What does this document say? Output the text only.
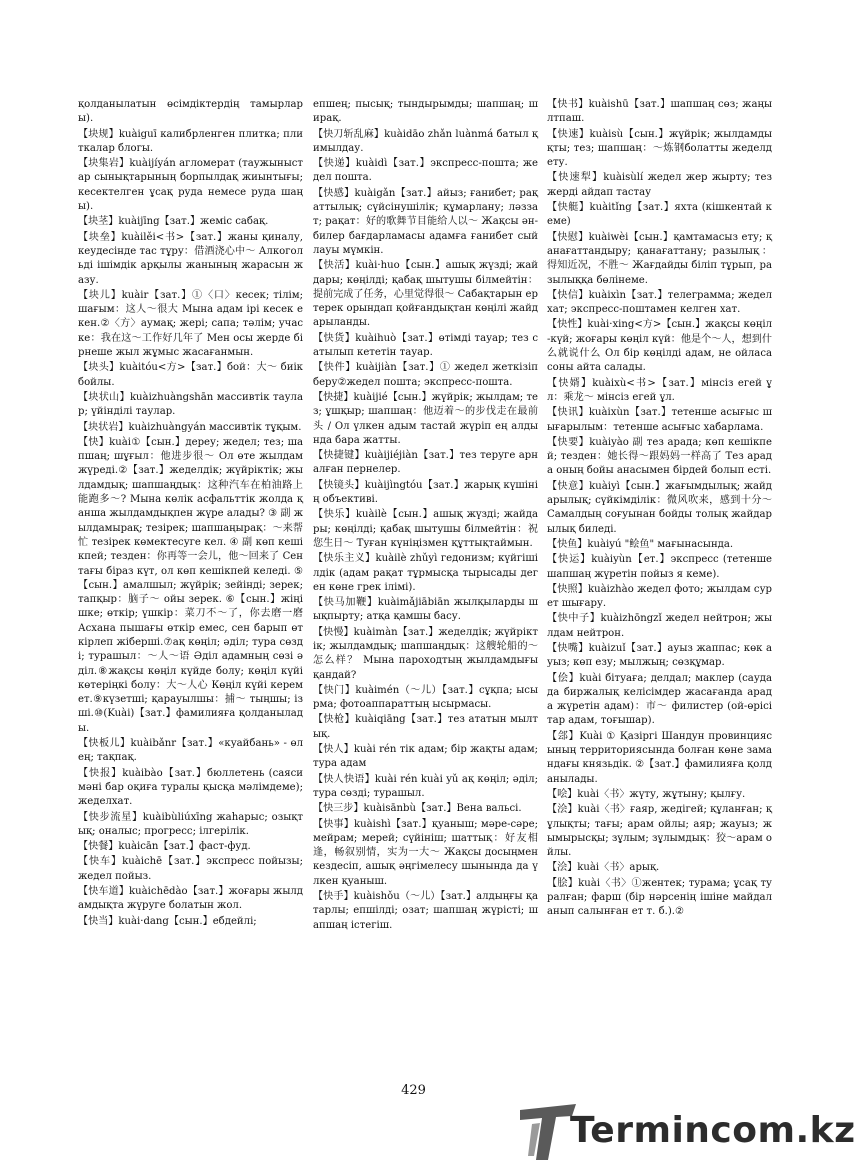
қолданылатын өсімдіктердің тамырлары).

【块规】kuàiguī калибрленген плитка; плиткалар блогы.

【块集岩】kuàijíyán агломерат (таужыныстар сынықтарының борпылдақ жиынтығы; кесектелген ұсақ руда немесе руда шаңы).

【块茎】kuàijīng【зат.】жеміс сабақ.

【块垒】kuàilěi<书>【зат.】жаны қиналу, кеудесінде тас тұру：借酒浇心中～ Алкогольді ішімдік арқылы жанының жарасын жазу.

【块儿】kuàir【зат.】①〈口〉кесек; тілім; шағым：这人～很大 Мына адам ірі кесек екен.②〈方〉аумақ; жері; сапа; тәлім; учаске：我在这～工作好几年了 Мен осы жерде бірнеше жыл жұмыс жасағанмын.

【块头】kuàitóu<方>【зат.】бой：大～ биік бойлы.

【块状山】kuàizhuàngshān массивтік таулар; үйінділі таулар.

【块状岩】kuàizhuàngyán массивтік тұқым.

【快】kuài①【сын.】дереу; жедел; тез; шапшаң; шұғыл：他进步很～ Ол өте жылдам жүреді.②【зат.】жеделдік; жүйріктік; жылдамдық; шапшаңдық：这种汽车在柏油路上能跑多～? Мына көлік асфальттік жолда қанша жылдамдықпен жүре алады? ③ 副 жылдамырақ; тезірек; шапшаңырақ：～来帮忙 тезірек көмектесуге кел. ④ 副 көп кешікпей; тезден：你再等一会儿，他～回来了 Сен тағы біраз күт, ол көп кешікпей келеді. ⑤【сын.】амалшыл; жүйрік; зейінді; зерек; тапқыр：脑子～ ойы зерек. ⑥【сын.】жіңішке; өткір; үшкір：菜刀不～了，你去磨一磨 Асхана пышағы өткір емес, сен барып өткірлеп жіберші.⑦ақ көңіл; әділ; тура сөзді; турашыл：～人～语 Әділ адамның сөзі әділ.⑧жақсы көңіл күйде болу; көңіл күйі көтеріңкі болу：大～人心 Көңіл күйі керемет.⑨күзетші; қарауылшы：捕～ тыңшы; ізші.⑩(Kuài)【зат.】фамилияға қолданылады.

【快板儿】kuàibǎnr【зат.】«куайбань» - өлең; тақпақ.

【快报】kuàibào【зат.】бюллетень (саяси мәні бар оқиға туралы қысқа мәлімдеме); жеделхат.

【快步流星】kuàibùliúxīng жаһарыс; озықтық; оналыс; прогресс; ілгерілік.

【快餐】kuàicān【зат.】фаст-фуд.

【快车】kuàichē【зат.】экспресс пойызы; жедел пойыз.

【快车道】kuàichēdào【зат.】жоғары жылдамдықта жүруге болатын жол.

【快当】kuài·dang【сын.】ебдейлі;

епшең; пысық; тындырымды; шапшаң; ширақ.

【快刀斩乱麻】kuàidāo zhǎn luànmá батыл қимылдау.

【快递】kuàidì【зат.】экспресс-пошта; жедел пошта.

【快感】kuàigǎn【зат.】айыз; ғанибет; рақаттылық; сүйсінушілік; құмарлану; ләззат; рақат：好的歌舞节目能给人以～ Жақсы ән-билер бағдарламасы адамға ғанибет сыйлауы мүмкін.

【快活】kuài·huo【сын.】ашық жүзді; жайдары; көңілді; қабақ шытушы білмейтін：提前完成了任务，心里觉得很～ Сабақтарын ертерек орындап қойғандықтан көңілі жайдарыланды.

【快货】kuàihuò【зат.】өтімді тауар; тез сатылып кететін тауар.

【快件】kuàijiàn【зат.】① жедел жеткізіп беру②жедел пошта; экспресс-пошта.

【快捷】kuàijié【сын.】жүйрік; жылдам; тез; ұшқыр; шапшаң：他迈着～的步伐走在最前头 / Ол үлкен адым тастай жүріп ең алдында бара жатты.

【快捷键】kuàijiéjiàn【зат.】тез теруге арналған пернелер.

【快镜头】kuàijìngtóu【зат.】жарық күшінің объективі.

【快乐】kuàilè【сын.】ашық жүзді; жайдары; көңілді; қабақ шытушы білмейтін：祝您生日～ Туған күніңізмен құттықтаймын.

【快乐主义】kuàilè zhǔyì гедонизм; күйгішілдік (адам рақат тұрмысқа тырысады деген көне грек ілімі).

【快马加鞭】kuàimǎjiābiān жылқыларды шықпырту; атқа қамшы басу.

【快慢】kuàimàn【зат.】жеделдік; жүйріктік; жылдамдық; шапшаңдық：这艘轮船的～怎么样？ Мына пароходтың жылдамдығы қандай?

【快门】kuàimén（～儿）【зат.】сұқпа; ысырма; фотоаппараттың ысырмасы.

【快枪】kuàiqiāng【зат.】тез ататын мылтық.

【快人】kuài rén тік адам; бір жақты адам; тура адам

【快人快语】kuài rén kuài yǔ ақ көңіл; әділ; тура сөзді; турашыл.

【快三步】kuàisānbù【зат.】Вена вальсі.

【快事】kuàishì【зат.】қуаныш; мәре-сәре; мейрам; мерей; сүйініш; шаттық：好友相逢，畅叙别情，实为一大～ Жақсы досыңмен кездесіп, ашық әңгімелесу шынында да үлкен қуаныш.

【快手】kuàishǒu（～儿）【зат.】алдыңғы қатарлы; епшілді; озат; шапшаң жүрісті; шапшаң істегіш.

【快书】kuàishū【зат.】шапшаң сөз; жаңылтпаш.

【快速】kuàisù【сын.】жүйрік; жылдамдықты; тез; шапшаң：～炼钢болатты жеделдету.

【快速犁】kuàisùlí жедел жер жырту; тез жерді айдап тастау

【快艇】kuàitǐng【зат.】яхта (кішкентай кеме)

【快慰】kuàiwèi【сын.】қамтамасыз ету; қанағаттандыру; қанағаттану; разылық：得知近况，不胜～ Жағдайды біліп тұрып, разылыққа бөлінеме.

【快信】kuàixìn【зат.】телеграмма; жедел хат; экспресс-поштамен келген хат.

【快性】kuài·xing<方>【сын.】жақсы көңіл-күй; жоғары көңіл күй：他是个～人，想到什么就说什么 Ол бір көңілді адам, не ойласа соны айта салады.

【快婿】kuàixù<书>【зат.】мінсіз егей ұл：乘龙～ мінсіз егей ұл.

【快讯】kuàixùn【зат.】тетенше асығыс шығарылым：тетенше асығыс хабарлама.

【快要】kuàiyào 副 тез арада; көп кешікпей; тезден：她长得～跟妈妈一样高了 Тез арада оның бойы анасымен бірдей болып есті.

【快意】kuàiyì【сын.】жағымдылық; жайдарылық; сүйкімділік：微风吹来，感到十分～ Самалдың соғуынан бойды толық жайдарылық биледі.

【快鱼】kuàiyú "鲙鱼" мағынасында.

【快运】kuàiyùn【ет.】экспресс (тетенше шапшаң жүретін пойыз я кеме).

【快照】kuàizhào жедел фото; жылдам сурет шығару.

【快中子】kuàizhōngzǐ жедел нейтрон; жылдам нейтрон.

【快嘴】kuàizuǐ【зат.】ауыз жаппас; көк ауыз; көп езу; мылжың; сөзқұмар.

【侩】kuài бітуаға; делдал; маклер (саудада биржалық келісімдер жасағанда арада жүретін адам)：市～ филистер (ой-өрісі тар адам, тоғышар).

【郐】Kuài ① Қазіргі Шандун провинциясының территориясында болған көне замандағы князьдік. ②【зат.】фамилияға қолданылады.

【哙】kuài〈书〉жүту, жұтыну; қылғу.

【浍】kuài〈书〉ғаяр, жедігей; құланған; құлықты; тағы; арам ойлы; аяр; жауыз; жымырысқы; зұлым; зұлымдық：狡～арам ойлы.

【浍】kuài〈书〉арық.

【脍】kuài〈书〉①жентек; турама; ұсақ туралған; фарш (бір нәрсенің ішіне майдаланып салынған ет т. б.).②

429
Termincom.kz
